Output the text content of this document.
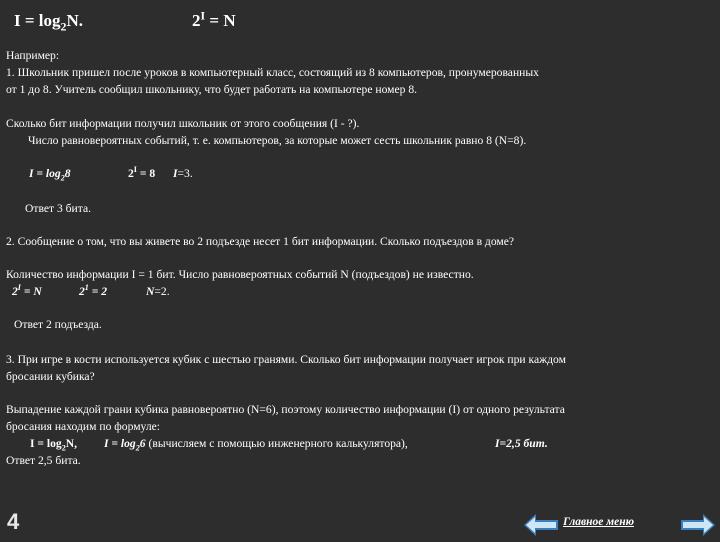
$I = \log_2N$.	$2^I = N$
Например:
1. Школьник пришел после уроков в компьютерный класс, состоящий из 8 компьютеров, пронумерованных
от 1 до 8. Учитель сообщил школьнику, что будет работать на компьютере номер 8.
Сколько бит информации получил школьник от этого сообщения (I - ?).
Число равновероятных событий, т. е. компьютеров, за которые может сесть школьник равно 8 (N=8).
$I = \log_28$	$2^I = 8$ I=3.
Ответ 3 бита.
2. Сообщение о том, что вы живете во 2 подъезде несет 1 бит информации. Сколько подъездов в доме?
Количество информации I = 1 бит. Число равновероятных событий N (подъездов) не известно.
$2^I = N$	$2^1 = 2$	N=2.
Ответ 2 подъезда.
3. При игре в кости используется кубик с шестью гранями. Сколько бит информации получает игрок при каждом
бросании кубика?
Выпадение каждой грани кубика равновероятно (N=6), поэтому количество информации (I) от одного результата
бросания находим по формуле:
$I = \log_2N$, $I = \log_26$ (вычисляем с помощью инженерного калькулятора),	I=2,5 бит.
Ответ 2,5 бита.
4	Главное меню
